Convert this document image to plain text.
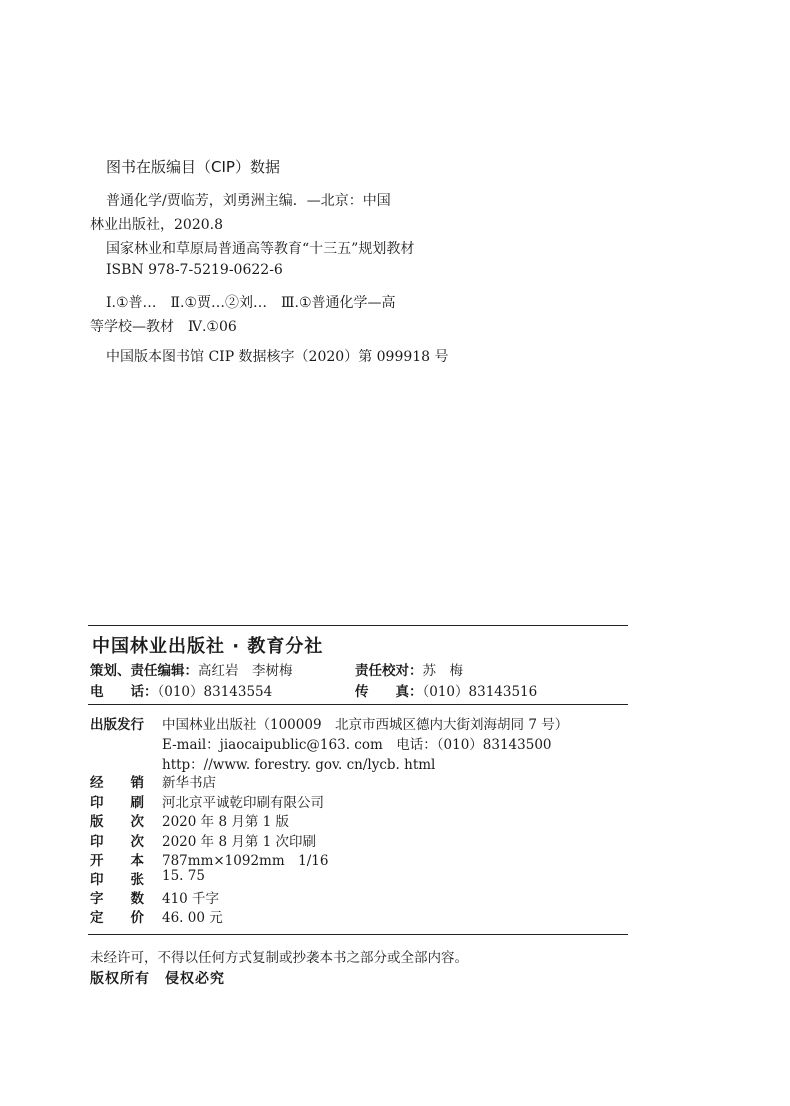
图书在版编目（CIP）数据
普通化学/贾临芳，刘勇洲主编．—北京：中国
林业出版社，2020.8
国家林业和草原局普通高等教育“十三五”规划教材
ISBN 978-7-5219-0622-6
Ⅰ.①普…　Ⅱ.①贾…②刘…　Ⅲ.①普通化学—高
等学校—教材　Ⅳ.①06
中国版本图书馆 CIP 数据核字（2020）第 099918 号
中国林业出版社 · 教育分社
策划、责任编辑：高红岩　李树梅	责任校对：苏　梅
电　　话：（010）83143554	传　　真：（010）83143516
出版发行	中国林业出版社（100009　北京市西城区德内大街刘海胡同 7 号）
E-mail：jiaocaipublic@163. com　电话：（010）83143500
http：//www. forestry. gov. cn/lycb. html
经　　销	新华书店
印　　刷	河北京平诚乾印刷有限公司
版　　次	2020 年 8 月第 1 版
印　　次	2020 年 8 月第 1 次印刷
开　　本	787mm×1092mm　1/16
印　　张	15. 75
字　　数	410 千字
定　　价	46. 00 元
未经许可，不得以任何方式复制或抄袭本书之部分或全部内容。
版权所有　侵权必究
